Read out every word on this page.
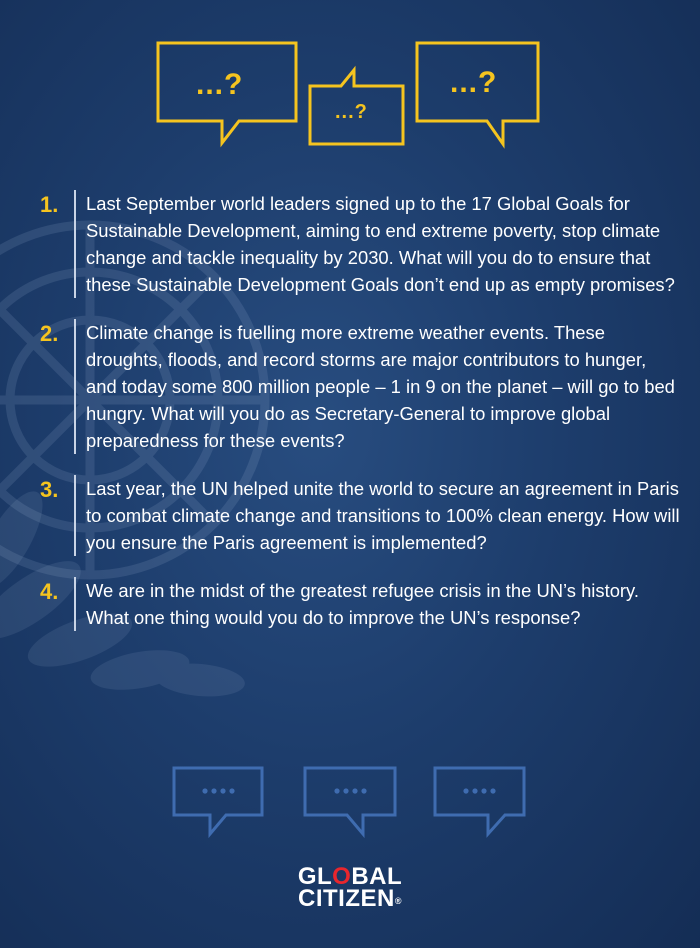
...?
...?
...?
1.	Last September world leaders signed up to the 17 Global Goals for Sustainable Development, aiming to end extreme poverty, stop climate change and tackle inequality by 2030. What will you do to ensure that these Sustainable Development Goals don’t end up as empty promises?
2.	Climate change is fuelling more extreme weather events. These droughts, floods, and record storms are major contributors to hunger, and today some 800 million people – 1 in 9 on the planet – will go to bed hungry. What will you do as Secretary-General to improve global preparedness for these events?
3.	Last year, the UN helped unite the world to secure an agreement in Paris to combat climate change and transitions to 100% clean energy. How will you ensure the Paris agreement is implemented?
4.	We are in the midst of the greatest refugee crisis in the UN’s history. What one thing would you do to improve the UN’s response?
GLOBAL
CITIZEN®
